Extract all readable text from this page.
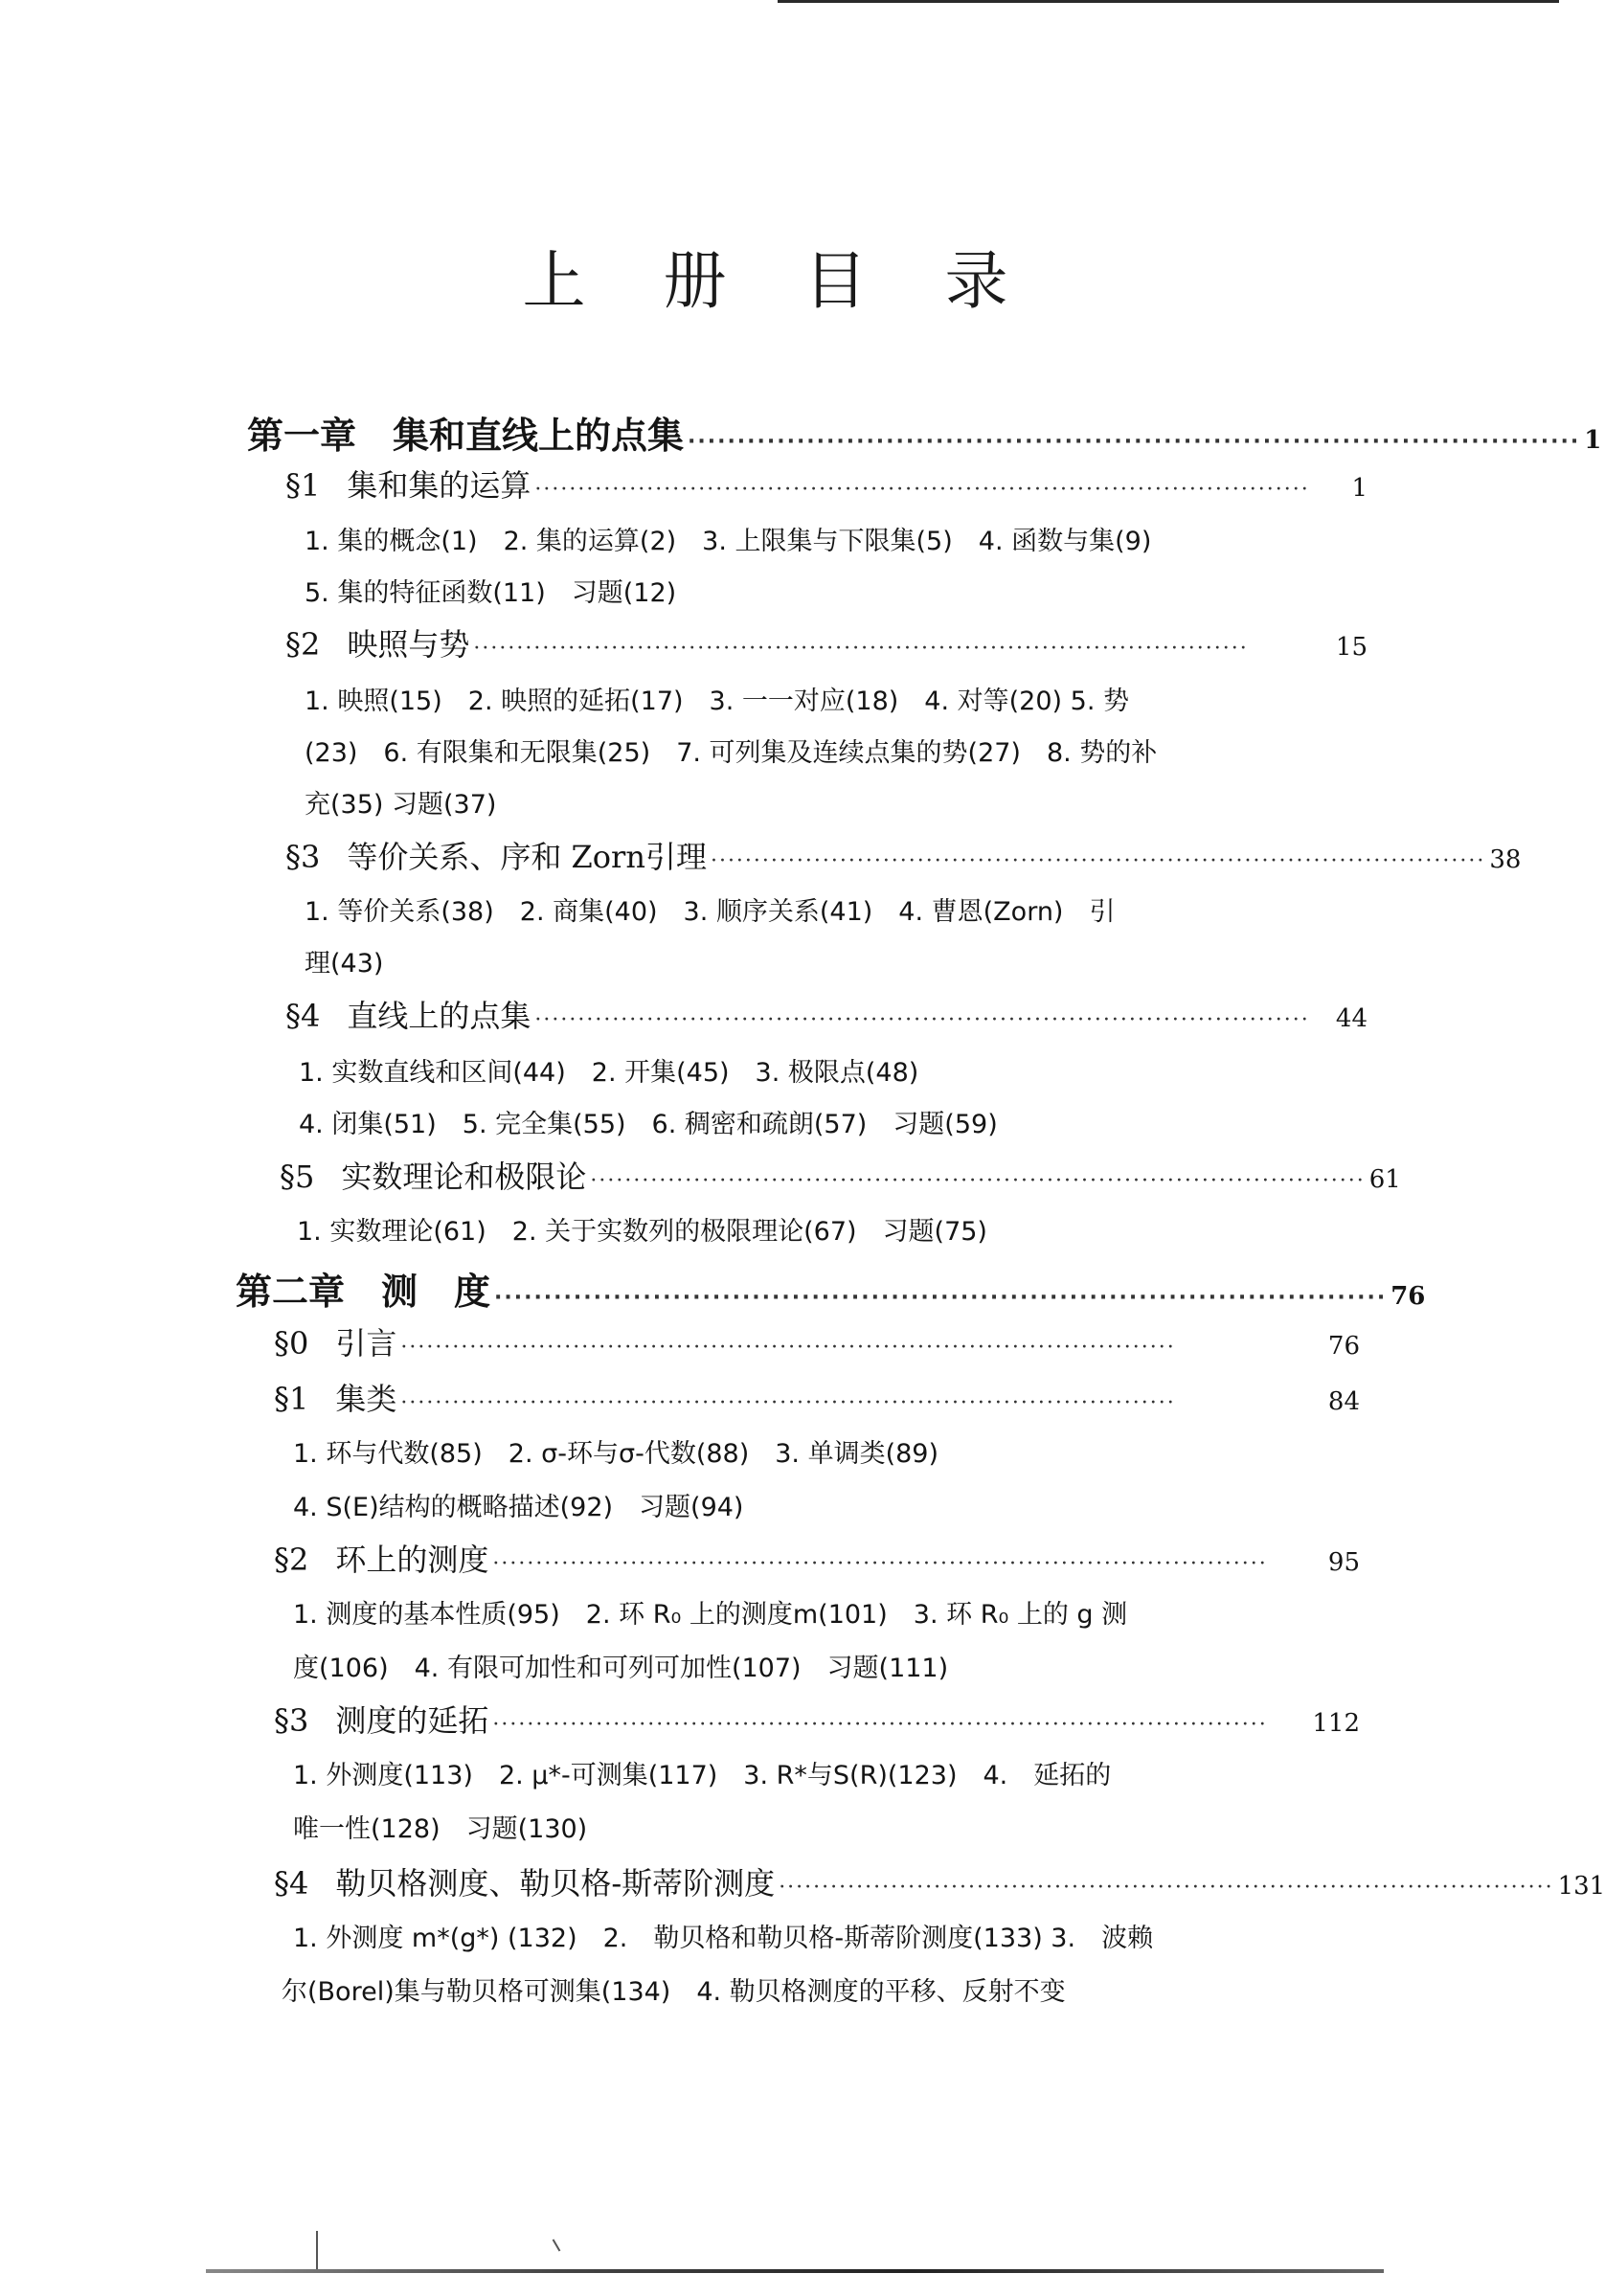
上 册 目 录
第一章　集和直线上的点集 ·························································································· 1
§1 集和集的运算 ··························································································	1
1. 集的概念(1)　2. 集的运算(2)　3. 上限集与下限集(5)　4. 函数与集(9)
5. 集的特征函数(11)　习题(12)
§2 映照与势 ··························································································	15
1. 映照(15)　2. 映照的延拓(17)　3. 一一对应(18)　4. 对等(20) 5. 势
(23)　6. 有限集和无限集(25)　7. 可列集及连续点集的势(27)　8. 势的补
充(35) 习题(37)
§3 等价关系、序和 Zorn引理 ·························································································· 38
1. 等价关系(38)　2. 商集(40)　3. 顺序关系(41)　4. 曹恩(Zorn)　引
理(43)
§4 直线上的点集 ··························································································	44
1. 实数直线和区间(44)　2. 开集(45)　3. 极限点(48)
4. 闭集(51)　5. 完全集(55)　6. 稠密和疏朗(57)　习题(59)
§5 实数理论和极限论 ·························································································· 61
1. 实数理论(61)　2. 关于实数列的极限理论(67)　习题(75)
第二章　测　度 ·························································································· 76
§0 引言 ··························································································	76
§1 集类 ··························································································	84
1. 环与代数(85)　2. σ-环与σ-代数(88)　3. 单调类(89)
4. S(E)结构的概略描述(92)　习题(94)
§2 环上的测度 ··························································································	95
1. 测度的基本性质(95)　2. 环 R₀ 上的测度m(101)　3. 环 R₀ 上的 g 测
度(106)　4. 有限可加性和可列可加性(107)　习题(111)
§3 测度的延拓 ··························································································	112
1. 外测度(113)　2. μ*-可测集(117)　3. R*与S(R)(123)　4.　延拓的
唯一性(128)　习题(130)
§4 勒贝格测度、勒贝格-斯蒂阶测度 ·························································································· 131
1. 外测度 m*(g*) (132)　2.　勒贝格和勒贝格-斯蒂阶测度(133) 3.　波赖
尔(Borel)集与勒贝格可测集(134)　4. 勒贝格测度的平移、反射不变
